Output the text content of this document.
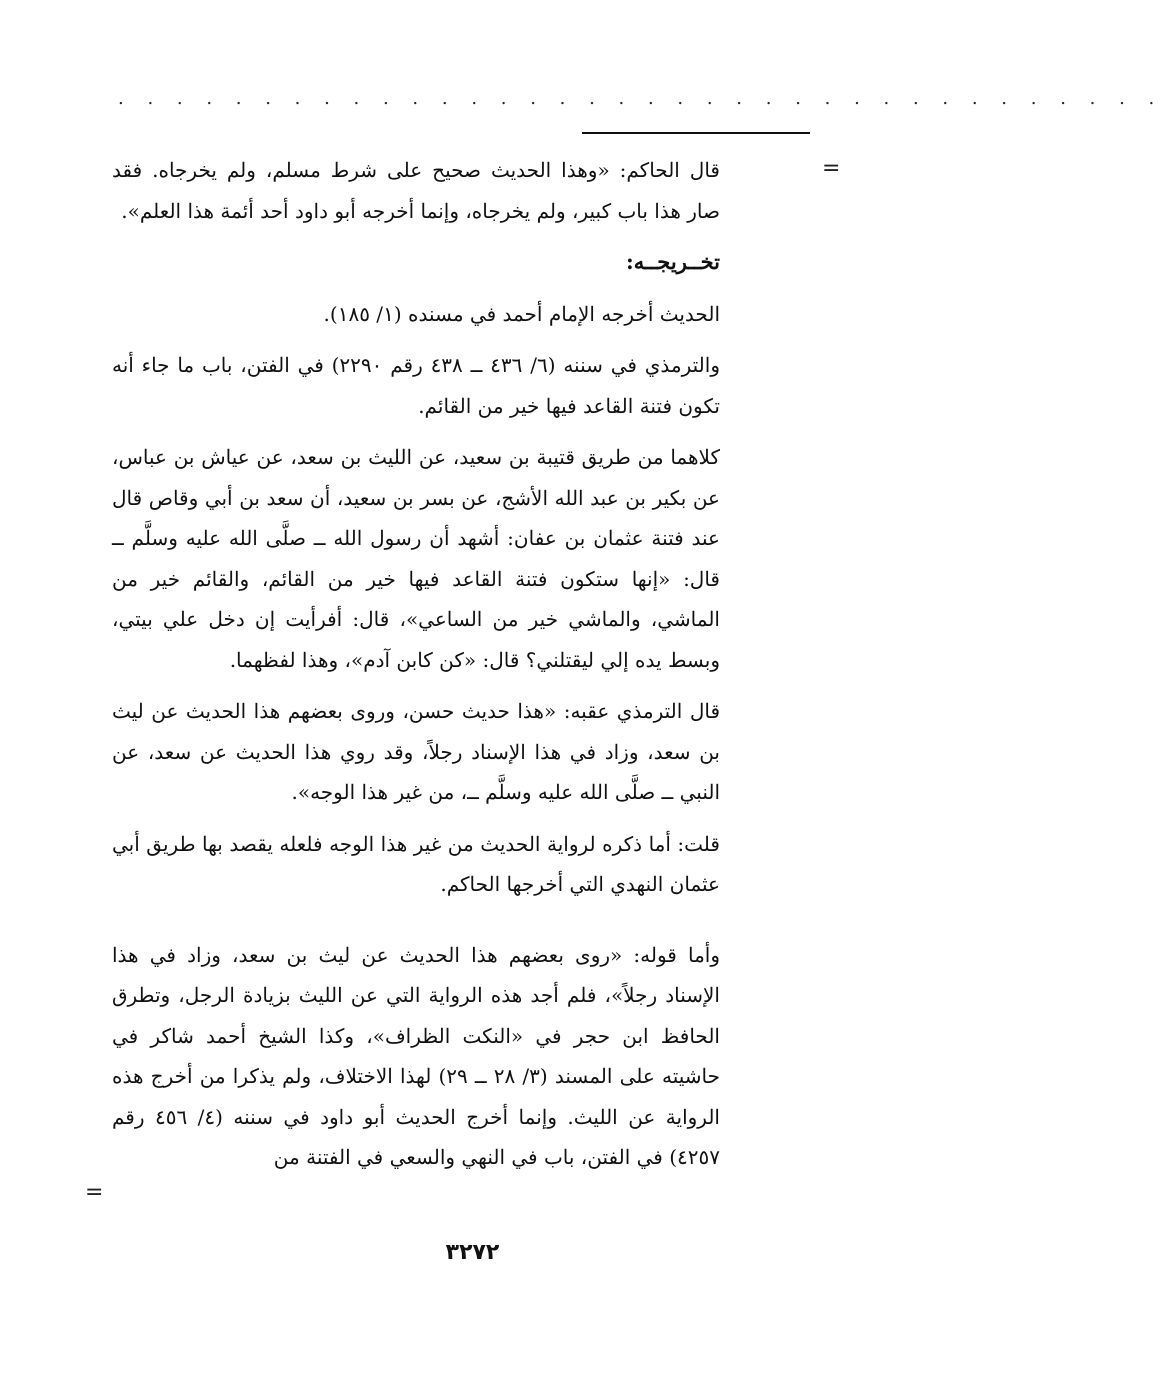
. . . . . . . . . . . . . . . . . . . . . . . . . . . . . . . . . . . .
=

قال الحاكم: «وهذا الحديث صحيح على شرط مسلم، ولم يخرجاه. فقد صار هذا باب كبير، ولم يخرجاه، وإنما أخرجه أبو داود أحد أئمة هذا العلم».

تخــريجــه:

الحديث أخرجه الإمام أحمد في مسنده (١/ ١٨٥).

والترمذي في سننه (٦/ ٤٣٦ ــ ٤٣٨ رقم ٢٢٩٠) في الفتن، باب ما جاء أنه تكون فتنة القاعد فيها خير من القائم.

كلاهما من طريق قتيبة بن سعيد، عن الليث بن سعد، عن عياش بن عباس، عن بكير بن عبد الله الأشج، عن بسر بن سعيد، أن سعد بن أبي وقاص قال عند فتنة عثمان بن عفان: أشهد أن رسول الله ــ صلَّى الله عليه وسلَّم ــ قال: «إنها ستكون فتنة القاعد فيها خير من القائم، والقائم خير من الماشي، والماشي خير من الساعي»، قال: أفرأيت إن دخل علي بيتي، وبسط يده إلي ليقتلني؟ قال: «كن كابن آدم»، وهذا لفظهما.

قال الترمذي عقبه: «هذا حديث حسن، وروى بعضهم هذا الحديث عن ليث بن سعد، وزاد في هذا الإسناد رجلاً، وقد روي هذا الحديث عن سعد، عن النبي ــ صلَّى الله عليه وسلَّم ــ، من غير هذا الوجه».

قلت: أما ذكره لرواية الحديث من غير هذا الوجه فلعله يقصد بها طريق أبي عثمان النهدي التي أخرجها الحاكم.

وأما قوله: «روى بعضهم هذا الحديث عن ليث بن سعد، وزاد في هذا الإسناد رجلاً»، فلم أجد هذه الرواية التي عن الليث بزيادة الرجل، وتطرق الحافظ ابن حجر في «النكت الظراف»، وكذا الشيخ أحمد شاكر في حاشيته على المسند (٣/ ٢٨ ــ ٢٩) لهذا الاختلاف، ولم يذكرا من أخرج هذه الرواية عن الليث. وإنما أخرج الحديث أبو داود في سننه (٤/ ٤٥٦ رقم ٤٢٥٧) في الفتن، باب في النهي والسعي في الفتنة من

=
٣٢٧٢
